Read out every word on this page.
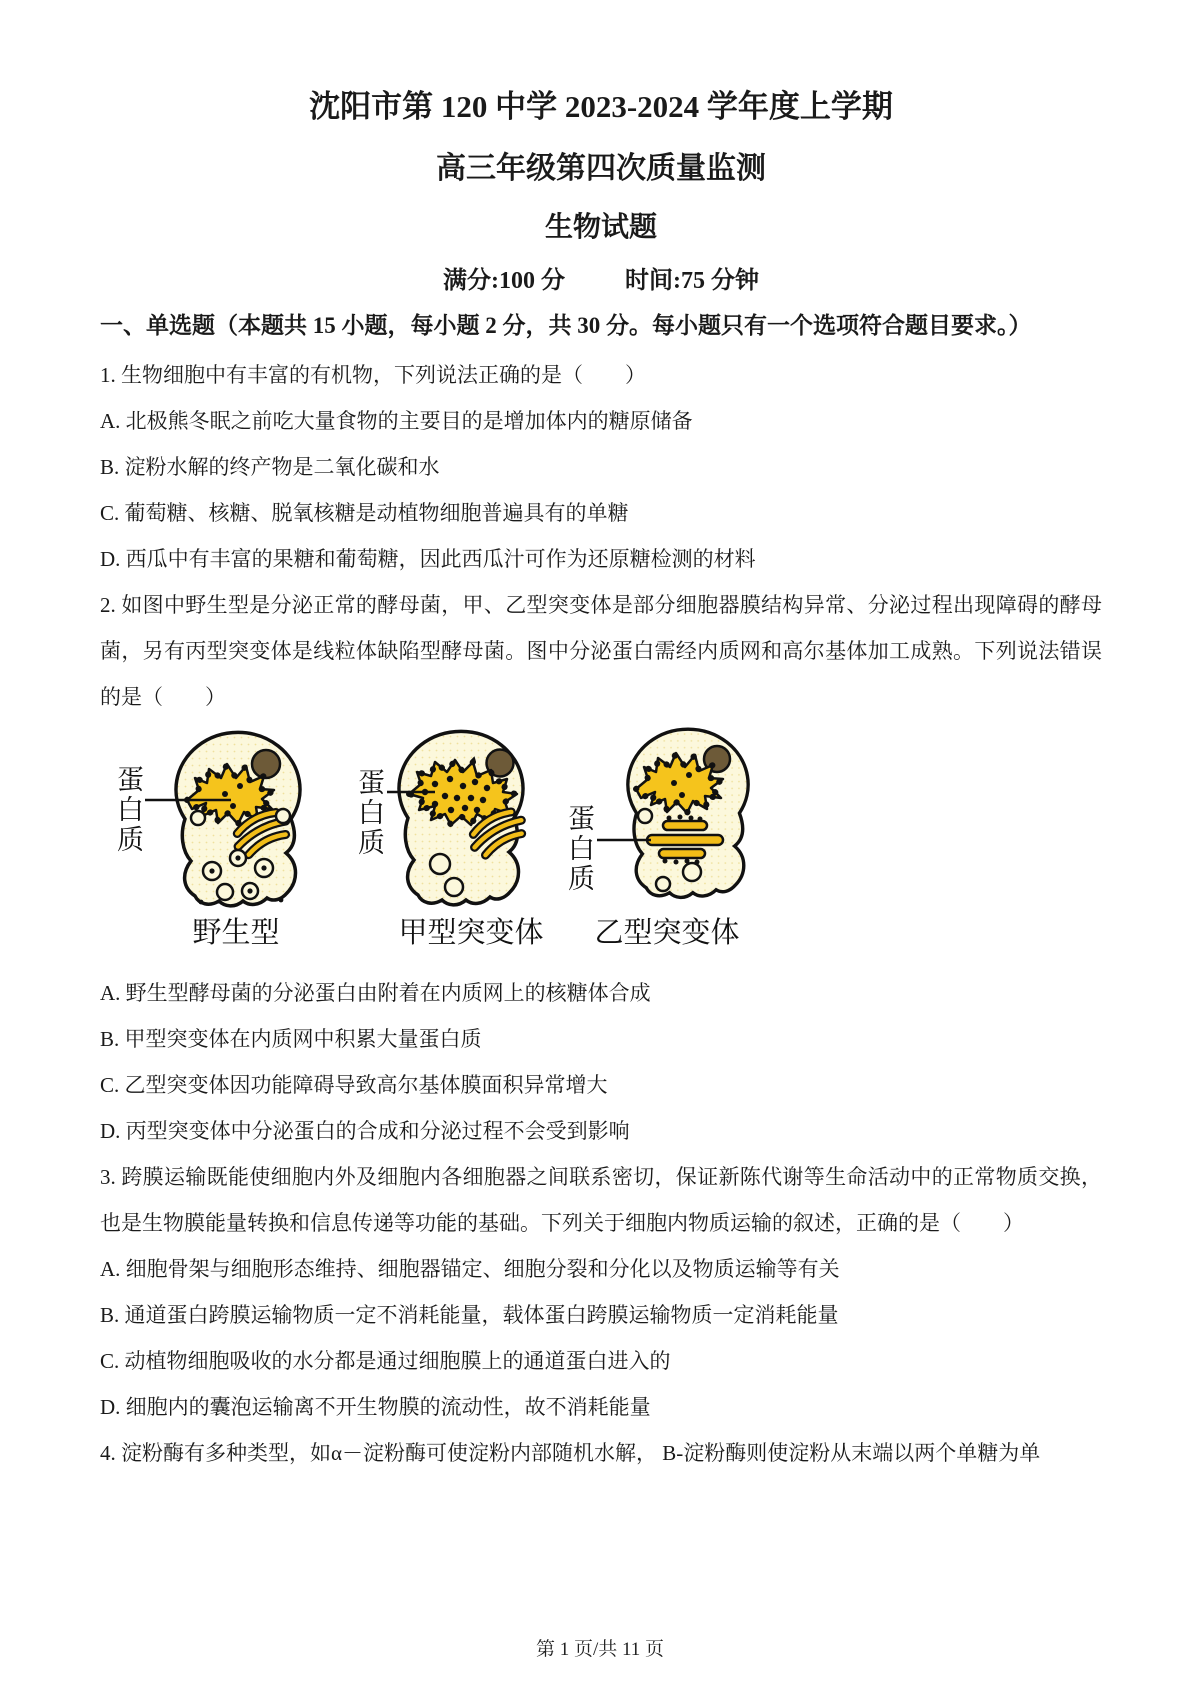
沈阳市第 120 中学 2023-2024 学年度上学期
高三年级第四次质量监测
生物试题
满分:100 分	时间:75 分钟
一、单选题（本题共 15 小题，每小题 2 分，共 30 分。每小题只有一个选项符合题目要求。）

1. 生物细胞中有丰富的有机物，下列说法正确的是（　　）

A. 北极熊冬眠之前吃大量食物的主要目的是增加体内的糖原储备

B. 淀粉水解的终产物是二氧化碳和水

C. 葡萄糖、核糖、脱氧核糖是动植物细胞普遍具有的单糖

D. 西瓜中有丰富的果糖和葡萄糖，因此西瓜汁可作为还原糖检测的材料

2. 如图中野生型是分泌正常的酵母菌，甲、乙型突变体是部分细胞器膜结构异常、分泌过程出现障碍的酵母菌，另有丙型突变体是线粒体缺陷型酵母菌。图中分泌蛋白需经内质网和高尔基体加工成熟。下列说法错误的是（　　）

蛋白质	蛋白质	蛋白质
野生型	甲型突变体 乙型突变体

A. 野生型酵母菌的分泌蛋白由附着在内质网上的核糖体合成

B. 甲型突变体在内质网中积累大量蛋白质

C. 乙型突变体因功能障碍导致高尔基体膜面积异常增大

D. 丙型突变体中分泌蛋白的合成和分泌过程不会受到影响

3. 跨膜运输既能使细胞内外及细胞内各细胞器之间联系密切，保证新陈代谢等生命活动中的正常物质交换，也是生物膜能量转换和信息传递等功能的基础。下列关于细胞内物质运输的叙述，正确的是（　　）

A. 细胞骨架与细胞形态维持、细胞器锚定、细胞分裂和分化以及物质运输等有关

B. 通道蛋白跨膜运输物质一定不消耗能量，载体蛋白跨膜运输物质一定消耗能量

C. 动植物细胞吸收的水分都是通过细胞膜上的通道蛋白进入的

D. 细胞内的囊泡运输离不开生物膜的流动性，故不消耗能量

4. 淀粉酶有多种类型，如α－淀粉酶可使淀粉内部随机水解， B-淀粉酶则使淀粉从末端以两个单糖为单

第 1 页/共 11 页
